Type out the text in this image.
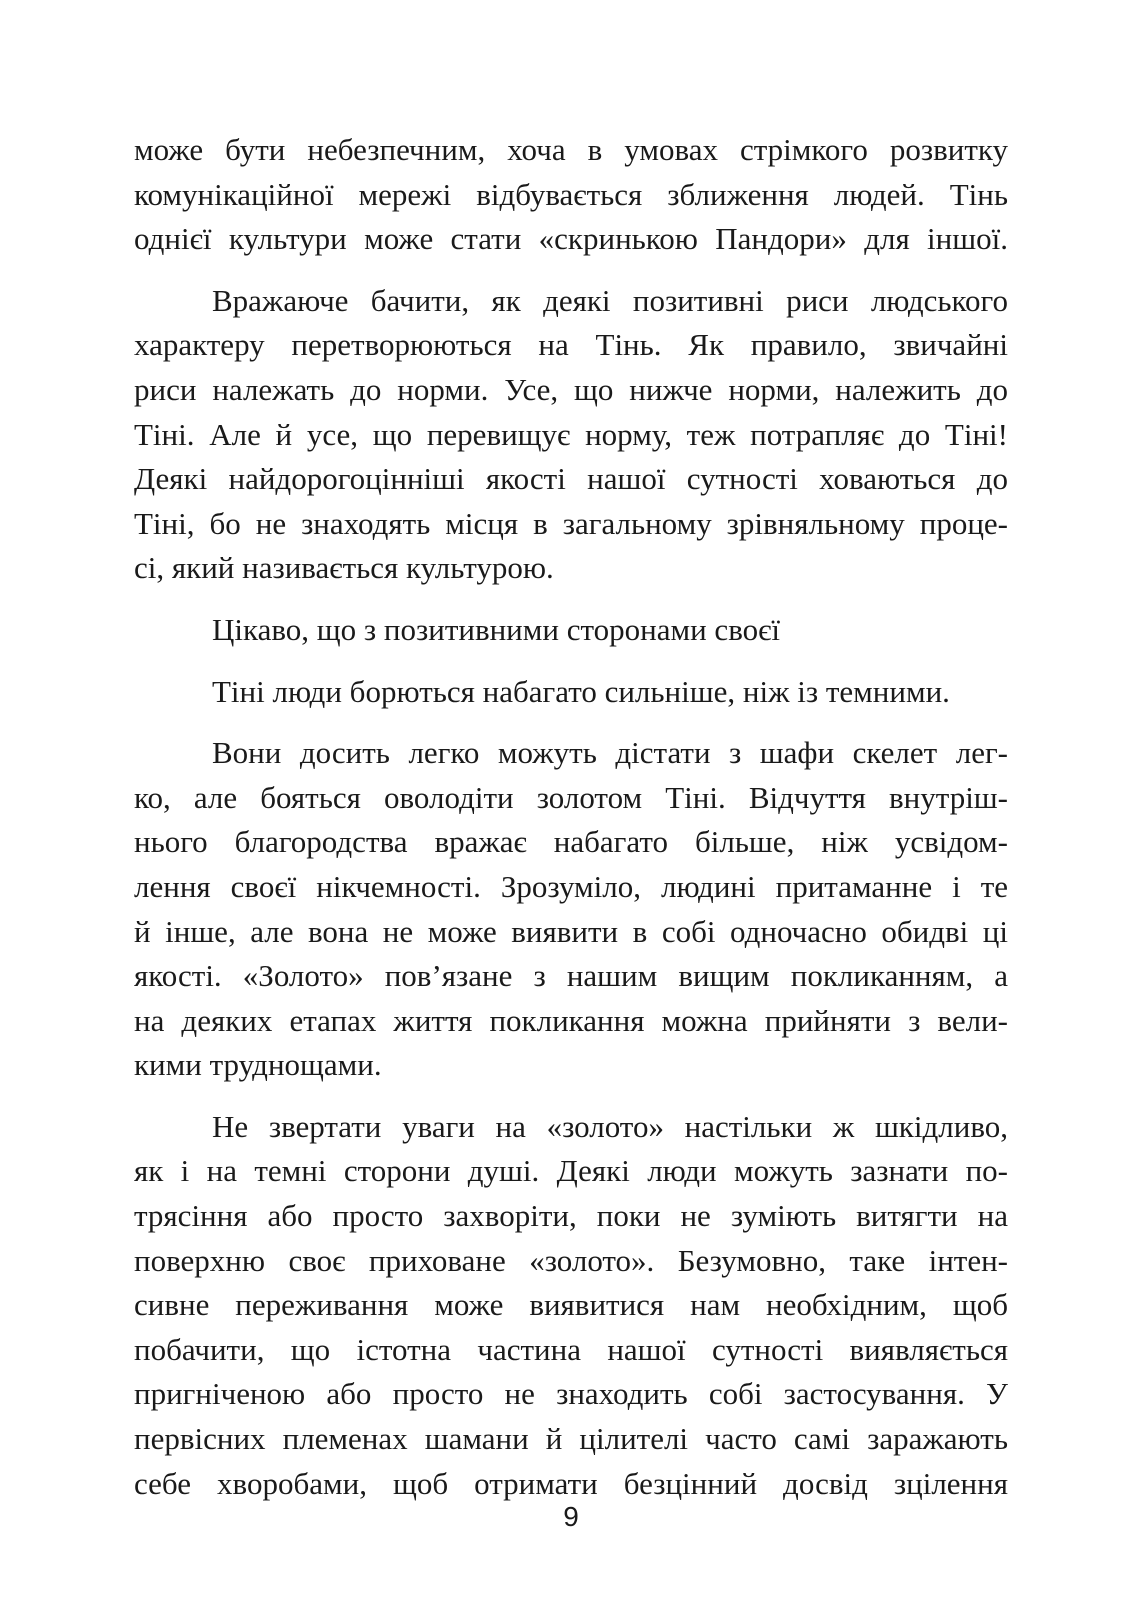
може бути небезпечним, хоча в умовах стрімкого розвитку
комунікаційної мережі відбувається зближення людей. Тінь
однієї культури може стати «скринькою Пандори» для іншої.
Вражаюче бачити, як деякі позитивні риси людського
характеру перетворюються на Тінь. Як правило, звичайні
риси належать до норми. Усе, що нижче норми, належить до
Тіні. Але й усе, що перевищує норму, теж потрапляє до Тіні!
Деякі найдорогоцінніші якості нашої сутності ховаються до
Тіні, бо не знаходять місця в загальному зрівняльному проце-
сі, який називається культурою.
Цікаво, що з позитивними сторонами своєї
Тіні люди борються набагато сильніше, ніж із темними.
Вони досить легко можуть дістати з шафи скелет лег-
ко, але бояться оволодіти золотом Тіні. Відчуття внутріш-
нього благородства вражає набагато більше, ніж усвідом-
лення своєї нікчемності. Зрозуміло, людині притаманне і те
й інше, але вона не може виявити в собі одночасно обидві ці
якості. «Золото» пов’язане з нашим вищим покликанням, а
на деяких етапах життя покликання можна прийняти з вели-
кими труднощами.
Не звертати уваги на «золото» настільки ж шкідливо,
як і на темні сторони душі. Деякі люди можуть зазнати по-
трясіння або просто захворіти, поки не зуміють витягти на
поверхню своє приховане «золото». Безумовно, таке інтен-
сивне переживання може виявитися нам необхідним, щоб
побачити, що істотна частина нашої сутності виявляється
пригніченою або просто не знаходить собі застосування. У
первісних племенах шамани й цілителі часто самі заражають
себе хворобами, щоб отримати безцінний досвід зцілення
9
